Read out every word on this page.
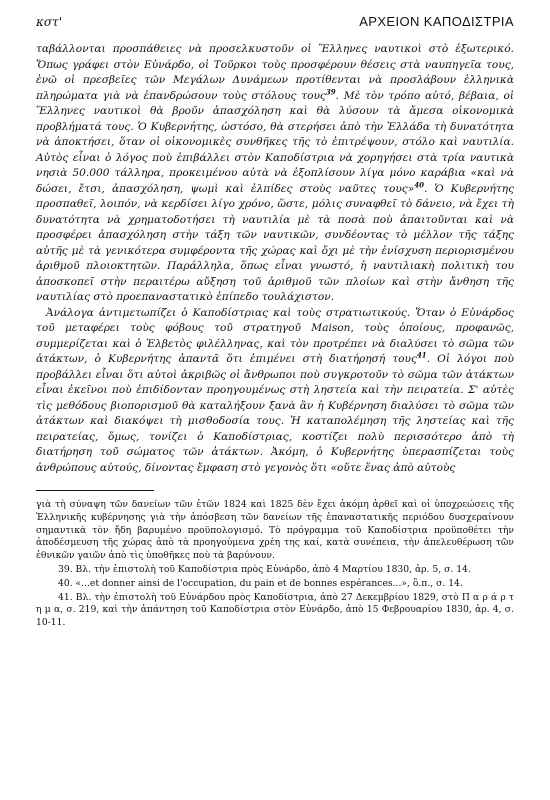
κστ'	ΑΡΧΕΙΟΝ ΚΑΠΟΔΙΣΤΡΙΑ

ταβάλλονται προσπάθειες νὰ προσελκυστοῦν οἱ Ἕλληνες ναυτικοὶ στὸ ἐξωτερικό. Ὅπως γράφει στὸν Εὐνάρδο, οἱ Τοῦρκοι τοὺς προσφέρουν θέσεις στὰ ναυπηγεῖα τους, ἐνῶ οἱ πρεσβεῖες τῶν Μεγάλων Δυνάμεων προτίθενται νὰ προσλάβουν ἑλληνικὰ πληρώματα γιὰ νὰ ἐπανδρώσουν τοὺς στόλους τους$^{39}$. Μὲ τὸν τρόπο αὐτό, βέβαια, οἱ Ἕλληνες ναυτικοὶ θὰ βροῦν ἀπασχόληση καὶ θὰ λύσουν τὰ ἄμεσα οἰκονομικὰ προβλήματά τους. Ὁ Κυβερνήτης, ὡστόσο, θὰ στερήσει ἀπὸ τὴν Ἑλλάδα τὴ δυνατότητα νὰ ἀποκτήσει, ὅταν οἱ οἰκονομικὲς συνθῆκες τῆς τὸ ἐπιτρέψουν, στόλο καὶ ναυτιλία. Αὐτὸς εἶναι ὁ λόγος ποὺ ἐπιβάλλει στὸν Καποδίστρια νὰ χορηγήσει στὰ τρία ναυτικὰ νησιὰ 50.000 τάλληρα, προκειμένου αὐτὰ νὰ ἐξοπλίσουν λίγα μόνο καράβια «καὶ νὰ δώσει, ἔτσι, ἀπασχόληση, ψωμὶ καὶ ἐλπίδες στοὺς ναῦτες τους»$^{40}$. Ὁ Κυβερνήτης προσπαθεῖ, λοιπόν, νὰ κερδίσει λίγο χρόνο, ὥστε, μόλις συναφθεῖ τὸ δάνειο, νὰ ἔχει τὴ δυνατότητα νὰ χρηματοδοτήσει τὴ ναυτιλία μὲ τὰ ποσὰ ποὺ ἀπαιτοῦνται καὶ νὰ προσφέρει ἀπασχόληση στὴν τάξη τῶν ναυτικῶν, συνδέοντας τὸ μέλλον τῆς τάξης αὐτῆς μὲ τὰ γενικότερα συμφέροντα τῆς χώρας καὶ ὄχι μὲ τὴν ἐνίσχυση περιορισμένου ἀριθμοῦ πλοιοκτητῶν. Παράλληλα, ὅπως εἶναι γνωστό, ἡ ναυτιλιακὴ πολιτικὴ του ἀποσκοπεῖ στὴν περαιτέρω αὔξηση τοῦ ἀριθμοῦ τῶν πλοίων καὶ στὴν ἄνθηση τῆς ναυτιλίας στὸ προεπαναστατικὸ ἐπίπεδο τουλάχιστον.

Ἀνάλογα ἀντιμετωπίζει ὁ Καποδίστριας καὶ τοὺς στρατιωτικούς. Ὅταν ὁ Εὐνάρδος τοῦ μεταφέρει τοὺς φόβους τοῦ στρατηγοῦ Maison, τοὺς ὁποίους, προφανῶς, συμμερίζεται καὶ ὁ Ἐλβετὸς φιλέλληνας, καὶ τὸν προτρέπει νὰ διαλύσει τὸ σῶμα τῶν ἀτάκτων, ὁ Κυβερνήτης ἀπαντᾶ ὅτι ἐπιμένει στὴ διατήρησή τους$^{41}$. Οἱ λόγοι ποὺ προβάλλει εἶναι ὅτι αὐτοὶ ἀκριβῶς οἱ ἄνθρωποι ποὺ συγκροτοῦν τὸ σῶμα τῶν ἀτάκτων εἶναι ἐκεῖνοι ποὺ ἐπιδίδονταν προηγουμένως στὴ ληστεία καὶ τὴν πειρατεία. Σ' αὐτὲς τὶς μεθόδους βιοπορισμοῦ θὰ καταλήξουν ξανὰ ἂν ἡ Κυβέρνηση διαλύσει τὸ σῶμα τῶν ἀτάκτων καὶ διακόψει τὴ μισθοδοσία τους. Ἡ καταπολέμηση τῆς ληστείας καὶ τῆς πειρατείας, ὅμως, τονίζει ὁ Καποδίστριας, κοστίζει πολὺ περισσότερο ἀπὸ τὴ διατήρηση τοῦ σώματος τῶν ἀτάκτων. Ἀκόμη, ὁ Κυβερνήτης ὑπερασπίζεται τοὺς ἀνθρώπους αὐτούς, δίνοντας ἔμφαση στὸ γεγονὸς ὅτι «οὔτε ἕνας ἀπὸ αὐτοὺς

γιὰ τὴ σύναψη τῶν δανείων τῶν ἐτῶν 1824 καὶ 1825 δὲν ἔχει ἀκόμη ἀρθεῖ καὶ οἱ ὑποχρεώσεις τῆς Ἑλληνικῆς κυβέρνησης γιὰ τὴν ἀπόσβεση τῶν δανείων τῆς ἐπαναστατικῆς περιόδου δυσχεραίνουν σημαντικὰ τὸν ἤδη βαρυμένο προϋπολογισμό. Τὸ πρόγραμμα τοῦ Καποδίστρια προϋποθέτει τὴν ἀποδέσμευση τῆς χώρας ἀπὸ τὰ προηγούμενα χρέη της καί, κατὰ συνέπεια, τὴν ἀπελευθέρωση τῶν ἐθνικῶν γαιῶν ἀπὸ τὶς ὑποθῆκες ποὺ τὰ βαρύνουν.

39. Βλ. τὴν ἐπιστολὴ τοῦ Καποδίστρια πρὸς Εὐνάρδο, ἀπὸ 4 Μαρτίου 1830, ἀρ. 5, σ. 14.

40. «...et donner ainsi de l'occupation, du pain et de bonnes espérances...», ὅ.π., σ. 14.

41. Βλ. τὴν ἐπιστολὴ τοῦ Εὐνάρδου πρὸς Καποδίστρια, ἀπὸ 27 Δεκεμβρίου 1829, στὸ Π α ρ ά ρ τ η μ α, σ. 219, καὶ τὴν ἀπάντηση τοῦ Καποδίστρια στὸν Εὐνάρδο, ἀπὸ 15 Φεβρουαρίου 1830, ἀρ. 4, σ. 10-11.
